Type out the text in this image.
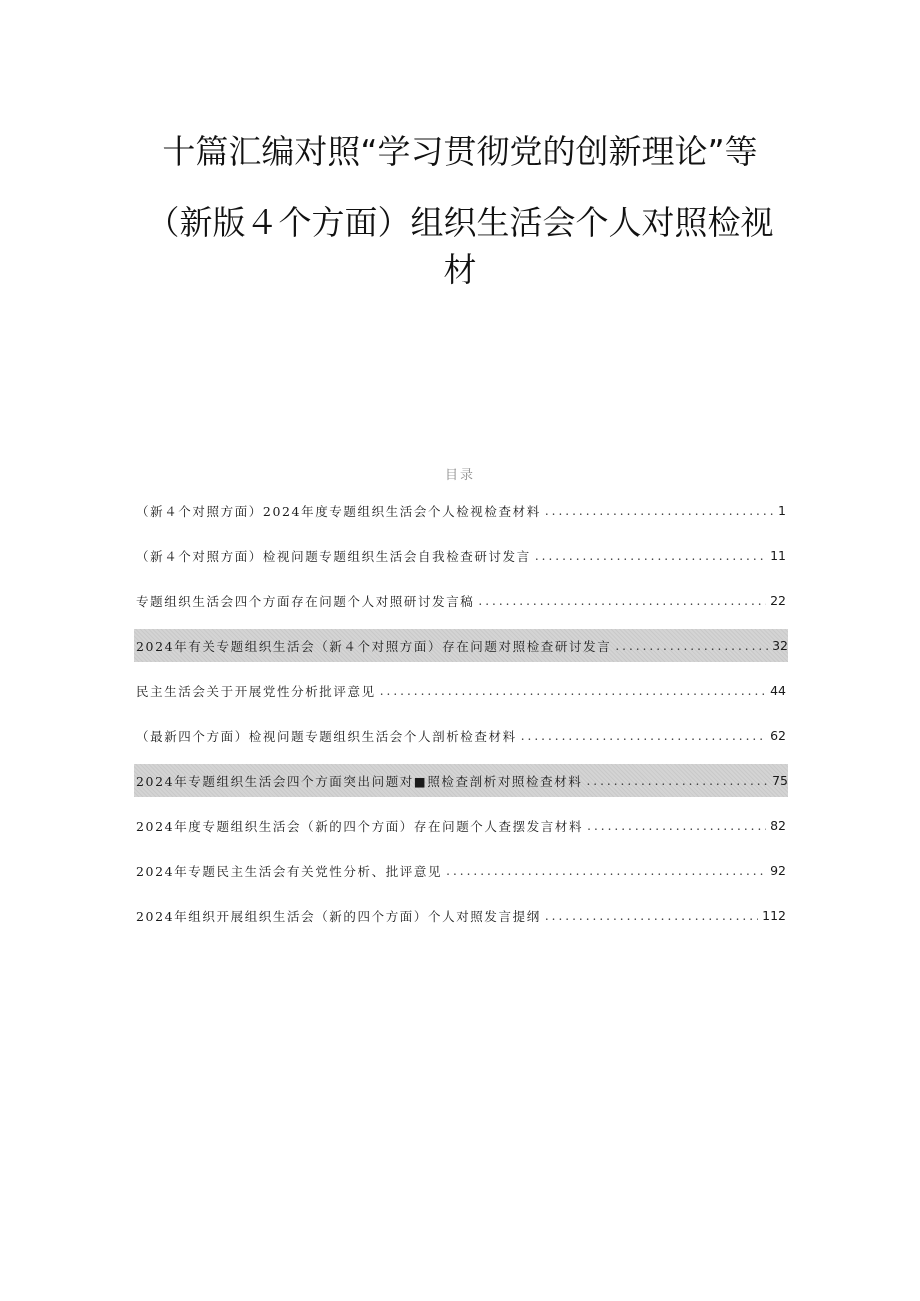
十篇汇编对照“学习贯彻党的创新理论”等
（新版４个方面）组织生活会个人对照检视
材
目录
（新４个对照方面）2024年度专题组织生活会个人检视检查材料 .....	1
（新４个对照方面）检视问题专题组织生活会自我检查研讨发言 .....	11
专题组织生活会四个方面存在问题个人对照研讨发言稿 .....	22
2024年有关专题组织生活会（新４个对照方面）存在问题对照检查研讨发言 .....	32
民主生活会关于开展党性分析批评意见 .....	44
（最新四个方面）检视问题专题组织生活会个人剖析检查材料 .....	62
2024年专题组织生活会四个方面突出问题对■照检查剖析对照检查材料 .....	75
2024年度专题组织生活会（新的四个方面）存在问题个人查摆发言材料 .....	82
2024年专题民主生活会有关党性分析、批评意见 .....	92
2024年组织开展组织生活会（新的四个方面）个人对照发言提纲 .....	112
